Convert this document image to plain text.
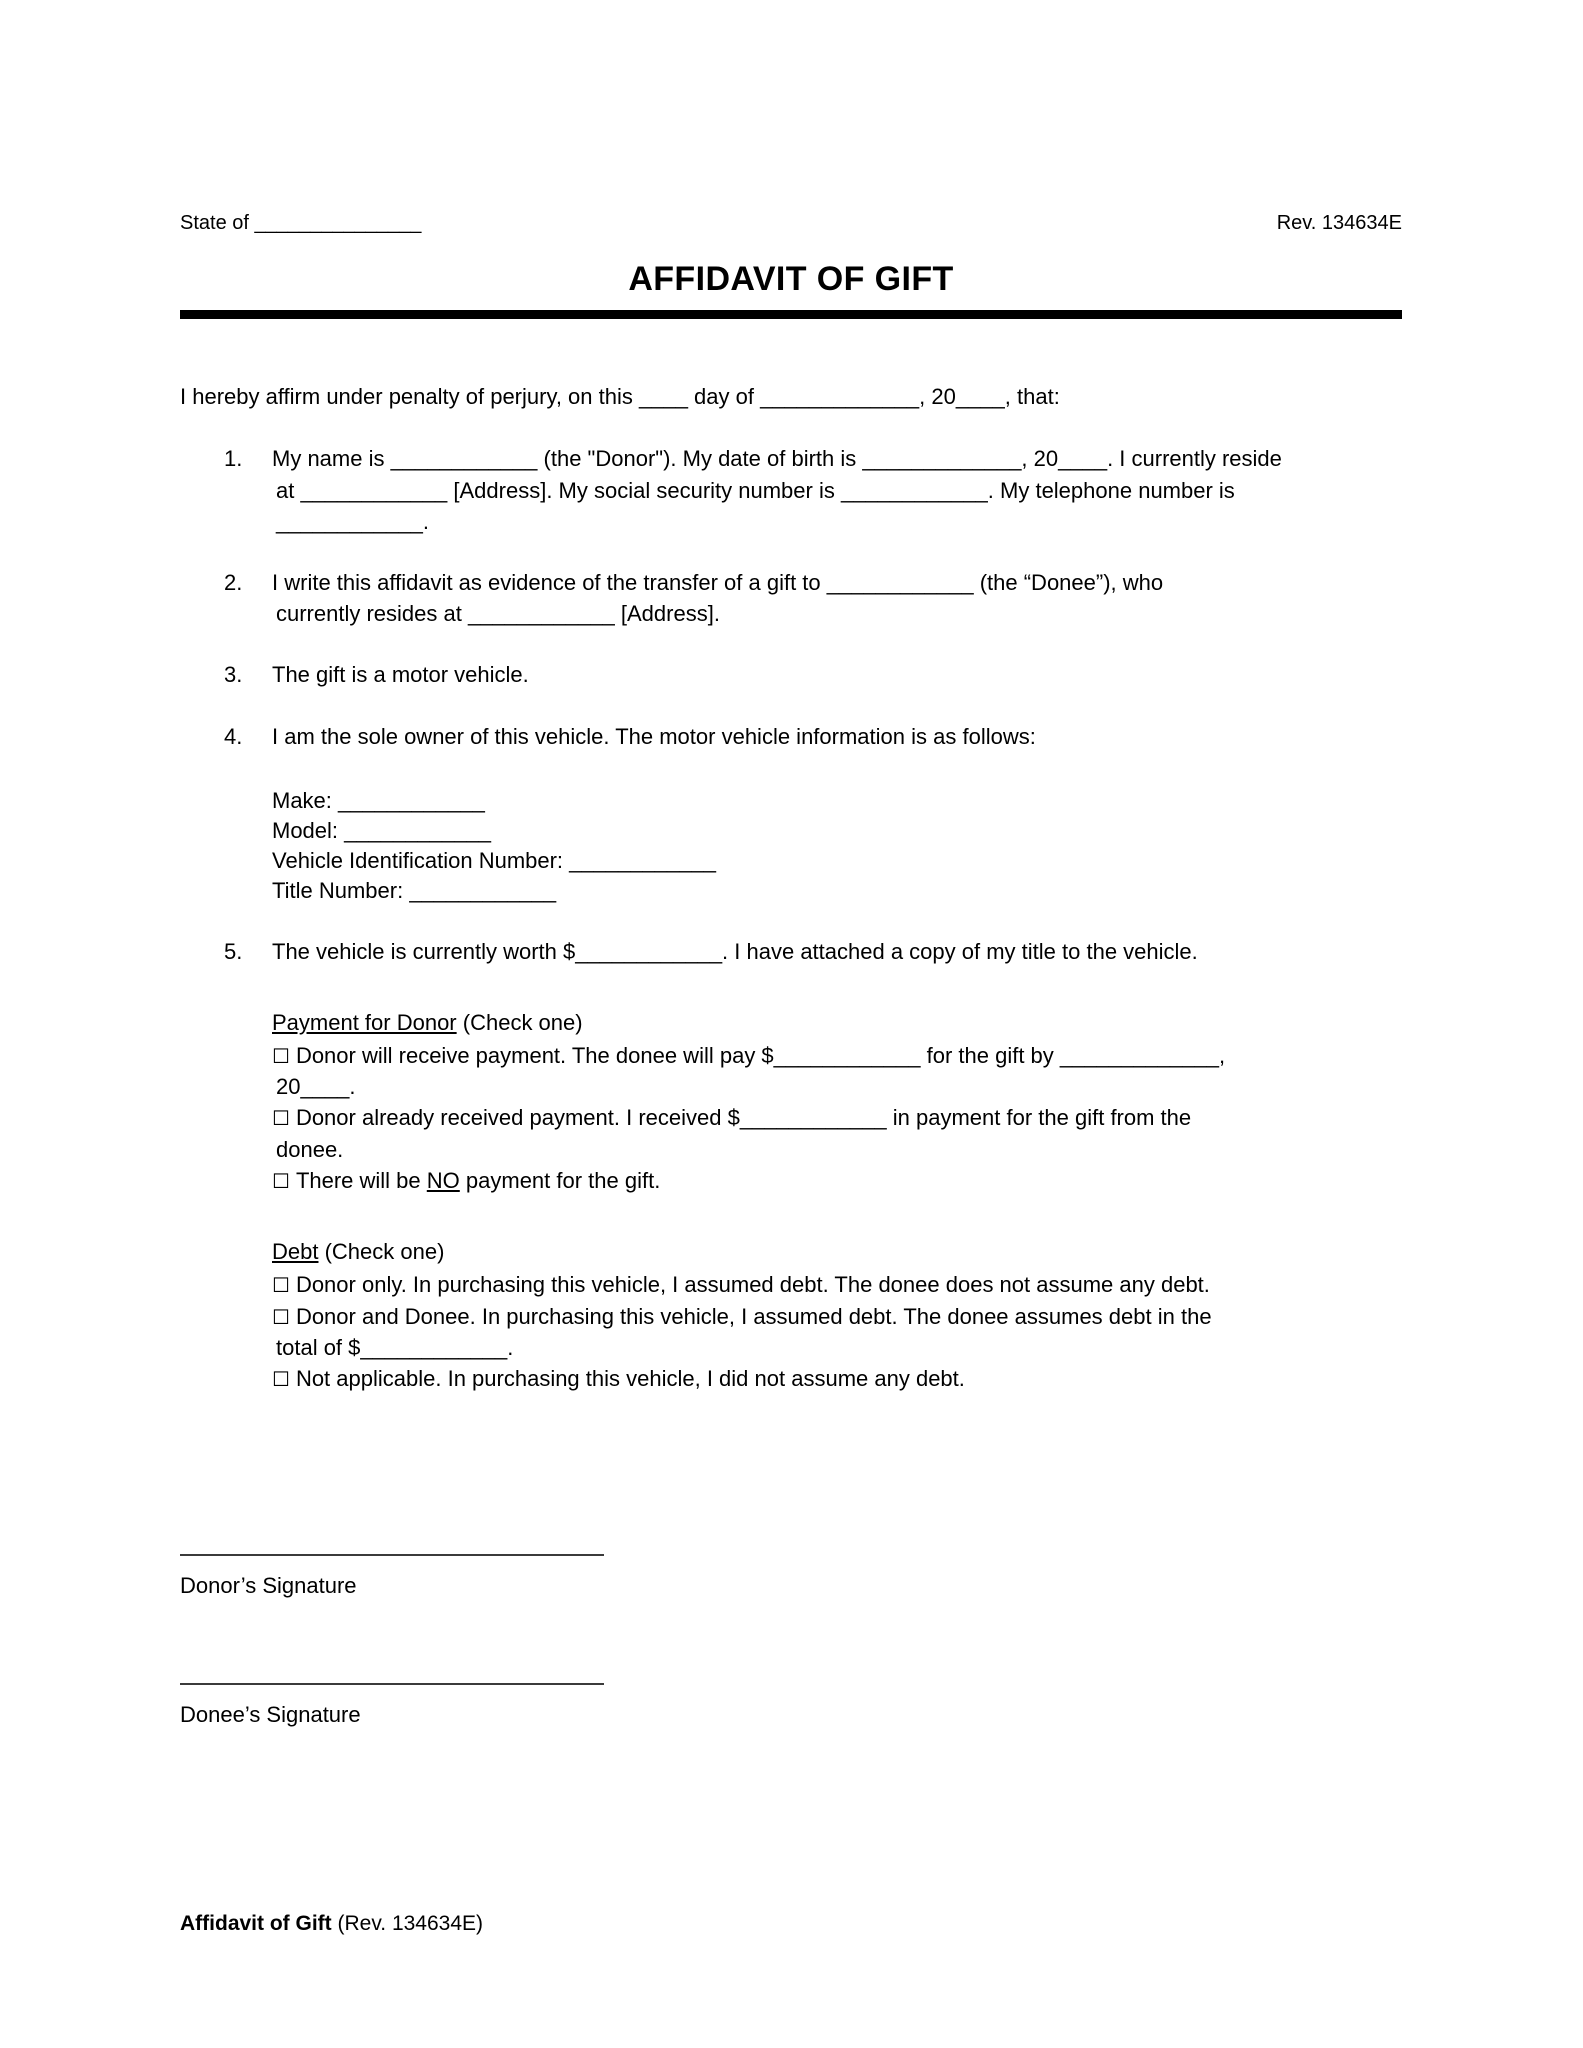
State of _______________	Rev. 134634E
AFFIDAVIT OF GIFT
I hereby affirm under penalty of perjury, on this ____ day of _____________, 20____, that:
1. My name is ____________ (the "Donor"). My date of birth is _____________, 20____. I currently reside
at ____________ [Address]. My social security number is ____________. My telephone number is
____________.
2. I write this affidavit as evidence of the transfer of a gift to ____________ (the “Donee”), who
currently resides at ____________ [Address].
3. The gift is a motor vehicle.
4. I am the sole owner of this vehicle. The motor vehicle information is as follows:
Make: ____________
Model: ____________
Vehicle Identification Number: ____________
Title Number: ____________
5. The vehicle is currently worth $____________. I have attached a copy of my title to the vehicle.
Payment for Donor (Check one)
☐ Donor will receive payment. The donee will pay $____________ for the gift by _____________,
20____.
☐ Donor already received payment. I received $____________ in payment for the gift from the
donee.
☐ There will be NO payment for the gift.
Debt (Check one)
☐ Donor only. In purchasing this vehicle, I assumed debt. The donee does not assume any debt.
☐ Donor and Donee. In purchasing this vehicle, I assumed debt. The donee assumes debt in the
total of $____________.
☐ Not applicable. In purchasing this vehicle, I did not assume any debt.
Donor’s Signature
Donee’s Signature
Affidavit of Gift (Rev. 134634E)
